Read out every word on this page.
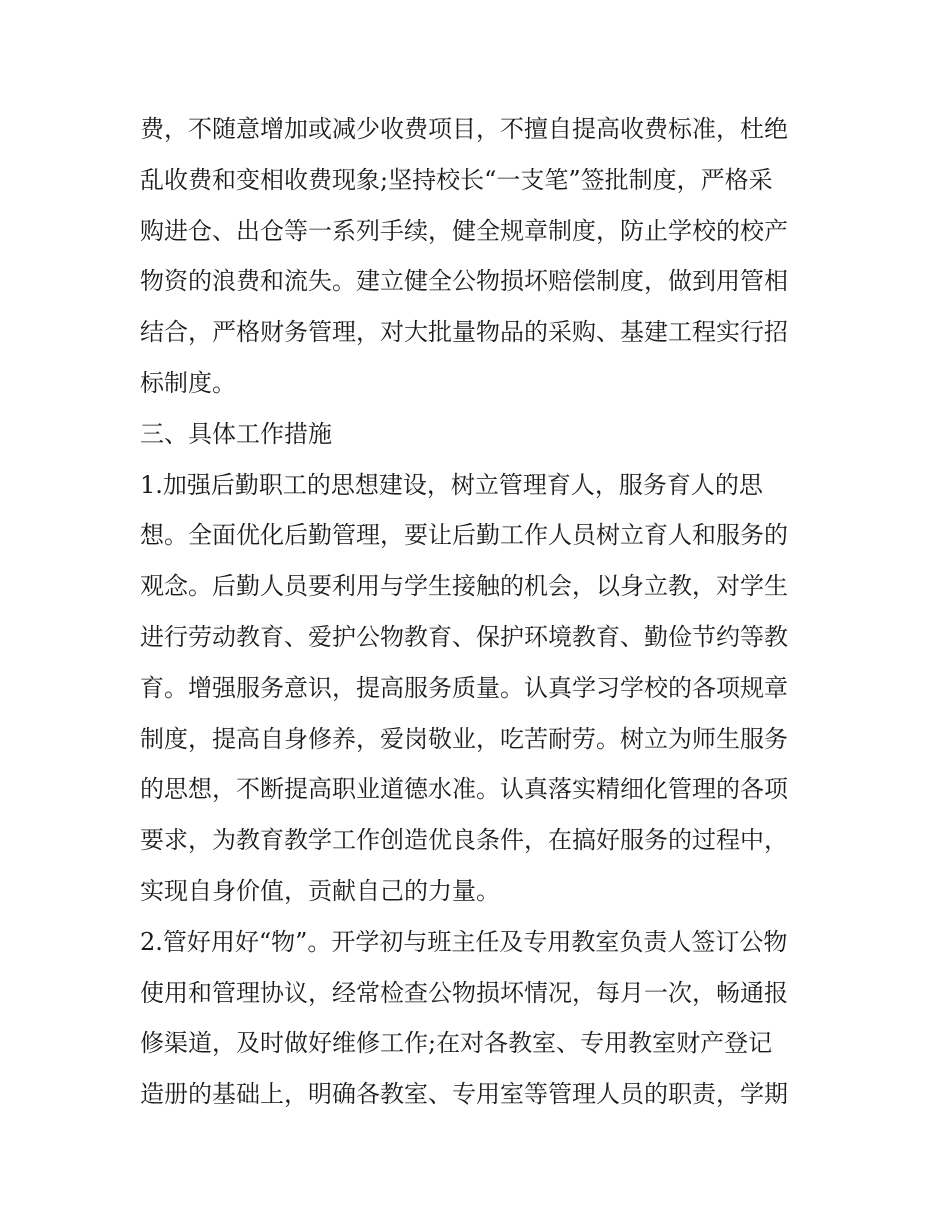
费，不随意增加或减少收费项目，不擅自提高收费标准，杜绝
乱收费和变相收费现象;坚持校长“一支笔”签批制度，严格采
购进仓、出仓等一系列手续，健全规章制度，防止学校的校产
物资的浪费和流失。建立健全公物损坏赔偿制度，做到用管相
结合，严格财务管理，对大批量物品的采购、基建工程实行招
标制度。
三、具体工作措施
1.加强后勤职工的思想建设，树立管理育人，服务育人的思
想。全面优化后勤管理，要让后勤工作人员树立育人和服务的
观念。后勤人员要利用与学生接触的机会，以身立教，对学生
进行劳动教育、爱护公物教育、保护环境教育、勤俭节约等教
育。增强服务意识，提高服务质量。认真学习学校的各项规章
制度，提高自身修养，爱岗敬业，吃苦耐劳。树立为师生服务
的思想，不断提高职业道德水准。认真落实精细化管理的各项
要求，为教育教学工作创造优良条件，在搞好服务的过程中，
实现自身价值，贡献自己的力量。
2.管好用好“物”。开学初与班主任及专用教室负责人签订公物
使用和管理协议，经常检查公物损坏情况，每月一次，畅通报
修渠道，及时做好维修工作;在对各教室、专用教室财产登记
造册的基础上，明确各教室、专用室等管理人员的职责，学期
